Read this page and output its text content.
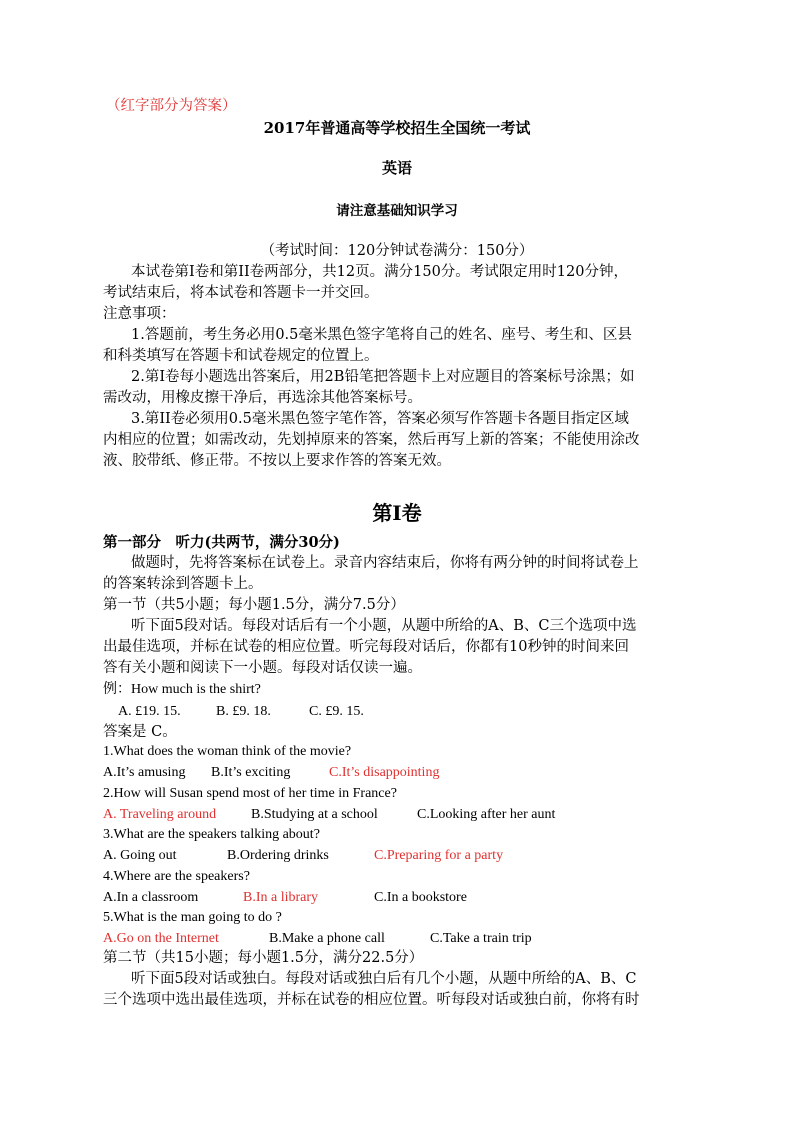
（红字部分为答案）
2017年普通高等学校招生全国统一考试
英语
请注意基础知识学习
（考试时间：120分钟试卷满分：150分）
本试卷第I卷和第II卷两部分，共12页。满分150分。考试限定用时120分钟，
考试结束后，将本试卷和答题卡一并交回。
注意事项：
1.答题前，考生务必用0.5毫米黑色签字笔将自己的姓名、座号、考生和、区县
和科类填写在答题卡和试卷规定的位置上。
2.第I卷每小题选出答案后，用2B铅笔把答题卡上对应题目的答案标号涂黑；如
需改动，用橡皮擦干净后，再选涂其他答案标号。
3.第II卷必须用0.5毫米黑色签字笔作答，答案必须写作答题卡各题目指定区域
内相应的位置；如需改动，先划掉原来的答案，然后再写上新的答案；不能使用涂改
液、胶带纸、修正带。不按以上要求作答的答案无效。
第I卷
第一部分　听力(共两节，满分30分)
做题时，先将答案标在试卷上。录音内容结束后，你将有两分钟的时间将试卷上
的答案转涂到答题卡上。
第一节（共5小题；每小题1.5分，满分7.5分）
听下面5段对话。每段对话后有一个小题，从题中所给的A、B、C三个选项中选
出最佳选项，并标在试卷的相应位置。听完每段对话后，你都有10秒钟的时间来回
答有关小题和阅读下一小题。每段对话仅读一遍。
例：How much is the shirt?
A. £19. 15.	B. £9. 18.	C. £9. 15.
答案是 C。
1.What does the woman think of the movie?
A.It’s amusing B.It’s exciting	C.It’s disappointing
2.How will Susan spend most of her time in France?
A. Traveling around B.Studying at a school	C.Looking after her aunt
3.What are the speakers talking about?
A. Going out	B.Ordering drinks	C.Preparing for a party
4.Where are the speakers?
A.In a classroom	B.In a library	C.In a bookstore
5.What is the man going to do ?
A.Go on the Internet	B.Make a phone call	C.Take a train trip
第二节（共15小题；每小题1.5分，满分22.5分）
听下面5段对话或独白。每段对话或独白后有几个小题，从题中所给的A、B、C
三个选项中选出最佳选项，并标在试卷的相应位置。听每段对话或独白前，你将有时
